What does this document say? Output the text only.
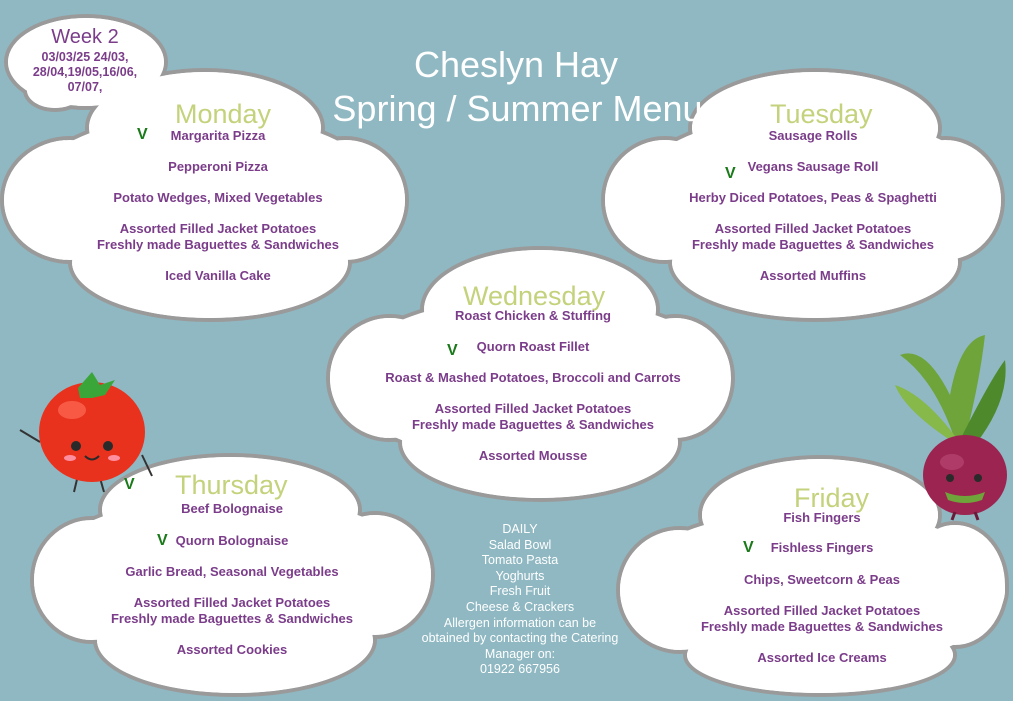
Week 2
03/03/25 24/03,
28/04,19/05,16/06,
07/07,
Cheslyn Hay
Spring / Summer Menu
Monday
V Margarita Pizza
Pepperoni Pizza
Potato Wedges, Mixed Vegetables
Assorted Filled Jacket Potatoes
Freshly made Baguettes & Sandwiches
Iced Vanilla Cake
Tuesday
Sausage Rolls
V Vegans Sausage Roll
Herby Diced Potatoes, Peas & Spaghetti
Assorted Filled Jacket Potatoes
Freshly made Baguettes & Sandwiches
Assorted Muffins
Wednesday
Roast Chicken & Stuffing
V Quorn Roast Fillet
Roast & Mashed Potatoes, Broccoli and Carrots
Assorted Filled Jacket Potatoes
Freshly made Baguettes & Sandwiches
Assorted Mousse
Thursday
V
Beef Bolognaise
V Quorn Bolognaise
Garlic Bread, Seasonal Vegetables
Assorted Filled Jacket Potatoes
Freshly made Baguettes & Sandwiches
Assorted Cookies
Friday
Fish Fingers
V Fishless Fingers
Chips, Sweetcorn & Peas
Assorted Filled Jacket Potatoes
Freshly made Baguettes & Sandwiches
Assorted Ice Creams
DAILY
Salad Bowl
Tomato Pasta
Yoghurts
Fresh Fruit
Cheese & Crackers
Allergen information can be
obtained by contacting the Catering
Manager on:
01922 667956
